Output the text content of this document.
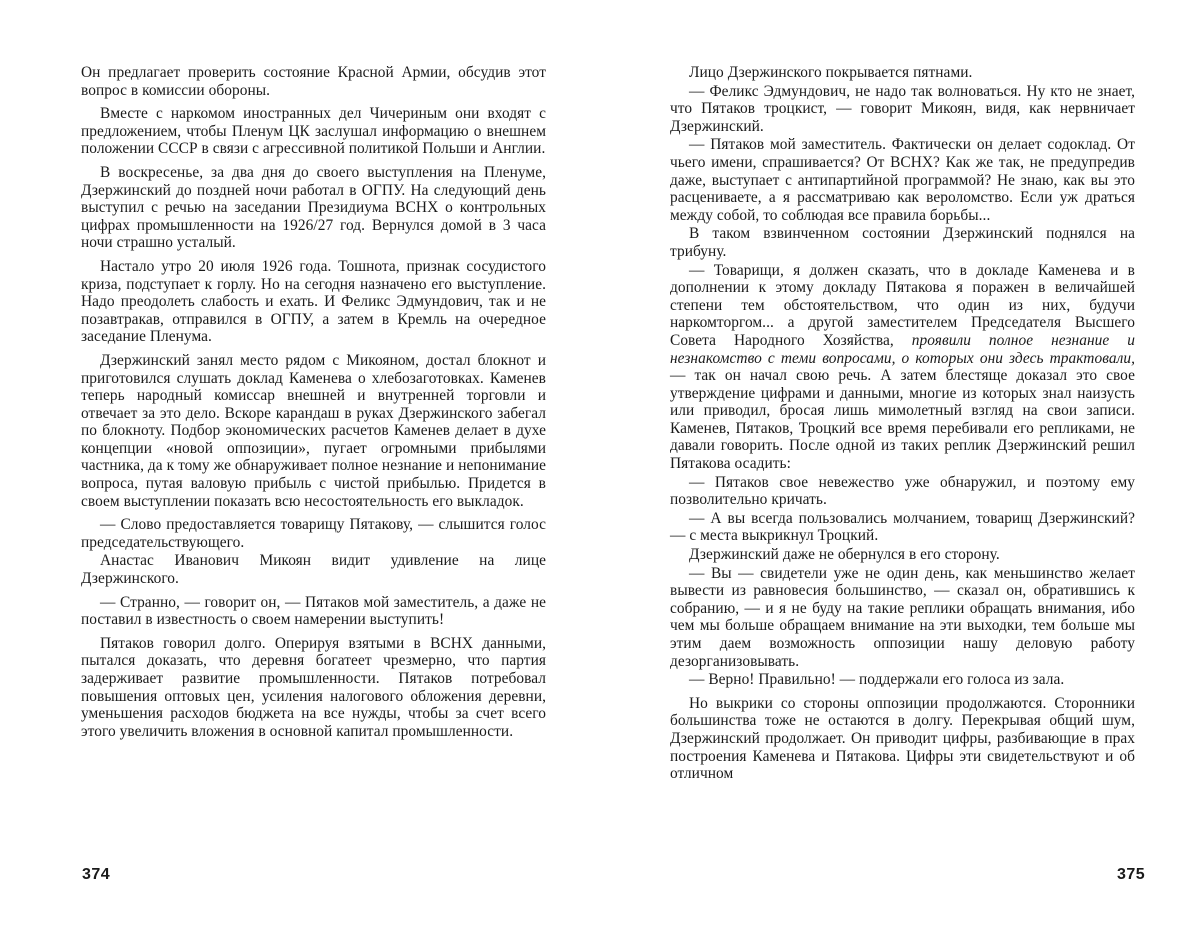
Он предлагает проверить состояние Красной Армии, обсудив этот вопрос в комиссии обороны.

Вместе с наркомом иностранных дел Чичериным они входят с предложением, чтобы Пленум ЦК заслушал информацию о внешнем положении СССР в связи с агрессивной политикой Польши и Англии.

В воскресенье, за два дня до своего выступления на Пленуме, Дзержинский до поздней ночи работал в ОГПУ. На следующий день выступил с речью на заседании Президиума ВСНХ о контрольных цифрах промышленности на 1926/27 год. Вернулся домой в 3 часа ночи страшно усталый.

Настало утро 20 июля 1926 года. Тошнота, признак сосудистого криза, подступает к горлу. Но на сегодня назначено его выступление. Надо преодолеть слабость и ехать. И Феликс Эдмундович, так и не позавтракав, отправился в ОГПУ, а затем в Кремль на очередное заседание Пленума.

Дзержинский занял место рядом с Микояном, достал блокнот и приготовился слушать доклад Каменева о хлебозаготовках. Каменев теперь народный комиссар внешней и внутренней торговли и отвечает за это дело. Вскоре карандаш в руках Дзержинского забегал по блокноту. Подбор экономических расчетов Каменев делает в духе концепции «новой оппозиции», пугает огромными прибылями частника, да к тому же обнаруживает полное незнание и непонимание вопроса, путая валовую прибыль с чистой прибылью. Придется в своем выступлении показать всю несостоятельность его выкладок.

— Слово предоставляется товарищу Пятакову, — слышится голос председательствующего.

Анастас Иванович Микоян видит удивление на лице Дзержинского.

— Странно, — говорит он, — Пятаков мой заместитель, а даже не поставил в известность о своем намерении выступить!

Пятаков говорил долго. Оперируя взятыми в ВСНХ данными, пытался доказать, что деревня богатеет чрезмерно, что партия задерживает развитие промышленности. Пятаков потребовал повышения оптовых цен, усиления налогового обложения деревни, уменьшения расходов бюджета на все нужды, чтобы за счет всего этого увеличить вложения в основной капитал промышленности.

374

Лицо Дзержинского покрывается пятнами.

— Феликс Эдмундович, не надо так волноваться. Ну кто не знает, что Пятаков троцкист, — говорит Микоян, видя, как нервничает Дзержинский.

— Пятаков мой заместитель. Фактически он делает содоклад. От чьего имени, спрашивается? От ВСНХ? Как же так, не предупредив даже, выступает с антипартийной программой? Не знаю, как вы это расцениваете, а я рассматриваю как вероломство. Если уж драться между собой, то соблюдая все правила борьбы...

В таком взвинченном состоянии Дзержинский поднялся на трибуну.

— Товарищи, я должен сказать, что в докладе Каменева и в дополнении к этому докладу Пятакова я поражен в величайшей степени тем обстоятельством, что один из них, будучи наркомторгом... а другой заместителем Председателя Высшего Совета Народного Хозяйства, проявили полное незнание и незнакомство с теми вопросами, о которых они здесь трактовали, — так он начал свою речь. А затем блестяще доказал это свое утверждение цифрами и данными, многие из которых знал наизусть или приводил, бросая лишь мимолетный взгляд на свои записи. Каменев, Пятаков, Троцкий все время перебивали его репликами, не давали говорить. После одной из таких реплик Дзержинский решил Пятакова осадить:

— Пятаков свое невежество уже обнаружил, и поэтому ему позволительно кричать.

— А вы всегда пользовались молчанием, товарищ Дзержинский? — с места выкрикнул Троцкий.

Дзержинский даже не обернулся в его сторону.

— Вы — свидетели уже не один день, как меньшинство желает вывести из равновесия большинство, — сказал он, обратившись к собранию, — и я не буду на такие реплики обращать внимания, ибо чем мы больше обращаем внимание на эти выходки, тем больше мы этим даем возможность оппозиции нашу деловую работу дезорганизовывать.

— Верно! Правильно! — поддержали его голоса из зала.

Но выкрики со стороны оппозиции продолжаются. Сторонники большинства тоже не остаются в долгу. Перекрывая общий шум, Дзержинский продолжает. Он приводит цифры, разбивающие в прах построения Каменева и Пятакова. Цифры эти свидетельствуют и об отличном

375
